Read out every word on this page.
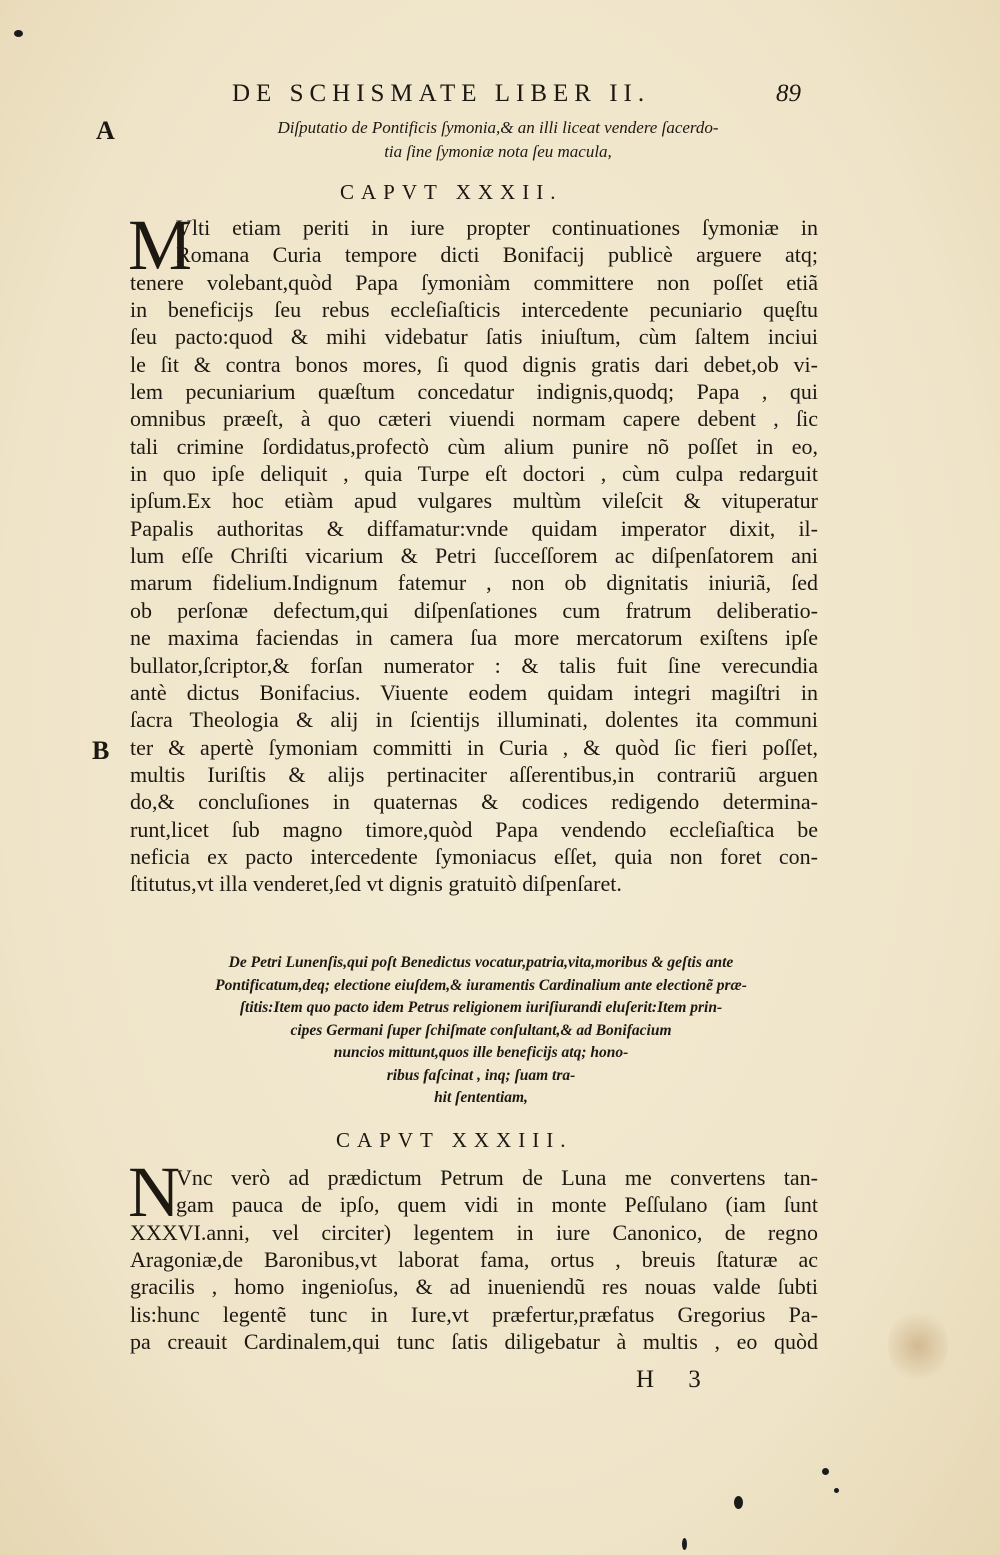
DE SCHISMATE LIBER II.	89
A
B
Diſputatio de Pontificis ſymonia,& an illi liceat vendere ſacerdo-
tia ſine ſymoniæ nota ſeu macula,
CAPVT XXXII.
M
Vlti etiam periti in iure propter continuationes ſymoniæ in
Romana Curia tempore dicti Bonifacij publicè arguere atq;
tenere volebant,quòd Papa ſymoniàm committere non poſſet etiã
in beneficijs ſeu rebus eccleſiaſticis intercedente pecuniario quęſtu
ſeu pacto:quod & mihi videbatur ſatis iniuſtum, cùm ſaltem inciui
le ſit & contra bonos mores, ſi quod dignis gratis dari debet,ob vi-
lem pecuniarium quæſtum concedatur indignis,quodq; Papa , qui
omnibus præeſt, à quo cæteri viuendi normam capere debent , ſic
tali crimine ſordidatus,profectò cùm alium punire nõ poſſet in eo,
in quo ipſe deliquit , quia Turpe eſt doctori , cùm culpa redarguit
ipſum.Ex hoc etiàm apud vulgares multùm vileſcit & vituperatur
Papalis authoritas & diffamatur:vnde quidam imperator dixit, il-
lum eſſe Chriſti vicarium & Petri ſucceſſorem ac diſpenſatorem ani
marum fidelium.Indignum fatemur , non ob dignitatis iniuriã, ſed
ob perſonæ defectum,qui diſpenſationes cum fratrum deliberatio-
ne maxima faciendas in camera ſua more mercatorum exiſtens ipſe
bullator,ſcriptor,& forſan numerator : & talis fuit ſine verecundia
antè dictus Bonifacius. Viuente eodem quidam integri magiſtri in
ſacra Theologia & alij in ſcientijs illuminati, dolentes ita communi
ter & apertè ſymoniam committi in Curia , & quòd ſic fieri poſſet,
multis Iuriſtis & alijs pertinaciter aſſerentibus,in contrariũ arguen
do,& concluſiones in quaternas & codices redigendo determina-
runt,licet ſub magno timore,quòd Papa vendendo eccleſiaſtica be
neficia ex pacto intercedente ſymoniacus eſſet, quia non foret con-
ſtitutus,vt illa venderet,ſed vt dignis gratuitò diſpenſaret.
De Petri Lunenſis,qui poſt Benedictus vocatur,patria,vita,moribus & geſtis ante
Pontificatum,deq; electione eiuſdem,& iuramentis Cardinalium ante electionẽ præ-
ſtitis:Item quo pacto idem Petrus religionem iuriſiurandi eluſerit:Item prin-
cipes Germani ſuper ſchiſmate conſultant,& ad Bonifacium
nuncios mittunt,quos ille beneficijs atq; hono-
ribus faſcinat , inq; ſuam tra-
hit ſententiam,
CAPVT XXXIII.
N
Vnc verò ad prædictum Petrum de Luna me convertens tan-
gam pauca de ipſo, quem vidi in monte Peſſulano (iam ſunt
XXXVI.anni, vel circiter) legentem in iure Canonico, de regno
Aragoniæ,de Baronibus,vt laborat fama, ortus , breuis ſtaturæ ac
gracilis , homo ingenioſus, & ad inueniendũ res nouas valde ſubti
lis:hunc legentẽ tunc in Iure,vt præfertur,præfatus Gregorius Pa-
pa creauit Cardinalem,qui tunc ſatis diligebatur à multis , eo quòd
H 3
